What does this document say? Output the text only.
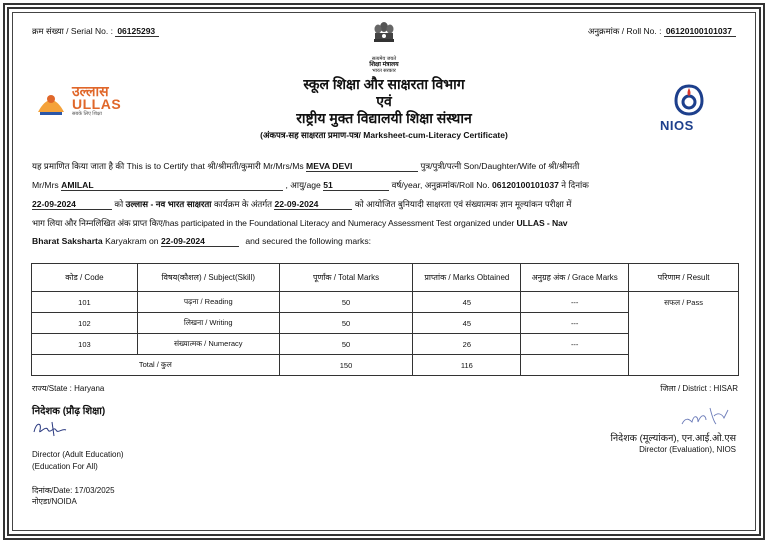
क्रम संख्या / Serial No. : 06125293	अनुक्रमांक / Roll No. : 06120100101037
सत्यमेव जयते
शिक्षा मंत्रालय
भारत सरकार
स्कूल शिक्षा और साक्षरता विभाग
एवं
राष्ट्रीय मुक्त विद्यालयी शिक्षा संस्थान
(अंकपत्र-सह साक्षरता प्रमाण-पत्र/ Marksheet-cum-Literacy Certificate)
उल्लास
ULLAS
सबके लिए शिक्षा
NIOS
यह प्रमाणित किया जाता है की This is to Certify that श्री/श्रीमती/कुमारी Mr/Mrs/Ms MEVA DEVI	पुत्र/पुत्री/पत्नी Son/Daughter/Wife of श्री/श्रीमती
Mr/Mrs AMILAL	, आयु/age 51	वर्ष/year, अनुक्रमांक/Roll No. 06120100101037 ने दिनांक
22-09-2024	को उल्लास - नव भारत साक्षरता कार्यक्रम के अंतर्गत 22-09-2024	को आयोजित बुनियादी साक्षरता एवं संख्यात्मक ज्ञान मूल्यांकन परीक्षा में
भाग लिया और निम्नलिखित अंक प्राप्त किए/has participated in the Foundational Literacy and Numeracy Assessment Test organized under ULLAS - Nav
Bharat Saksharta Karyakram on 22-09-2024	and secured the following marks:
कोड / Code	विषय(कौशल) / Subject(Skill)	पूर्णांक / Total Marks	प्राप्तांक / Marks Obtained	अनुग्रह अंक / Grace Marks	परिणाम / Result
101	पढ़ना / Reading	50	45	---	सफल / Pass
102	लिखना / Writing	50	45	---	
103	संख्यात्मक / Numeracy	50	26	---	
Total / कुल		150	116		
राज्य/State : Haryana	जिला / District : HISAR
निदेशक (प्रौढ़ शिक्षा)
Director (Adult Education)
(Education For All)
दिनांक/Date: 17/03/2025
नोएडा/NOIDA
निदेशक (मूल्यांकन), एन.आई.ओ.एस
Director (Evaluation), NIOS
